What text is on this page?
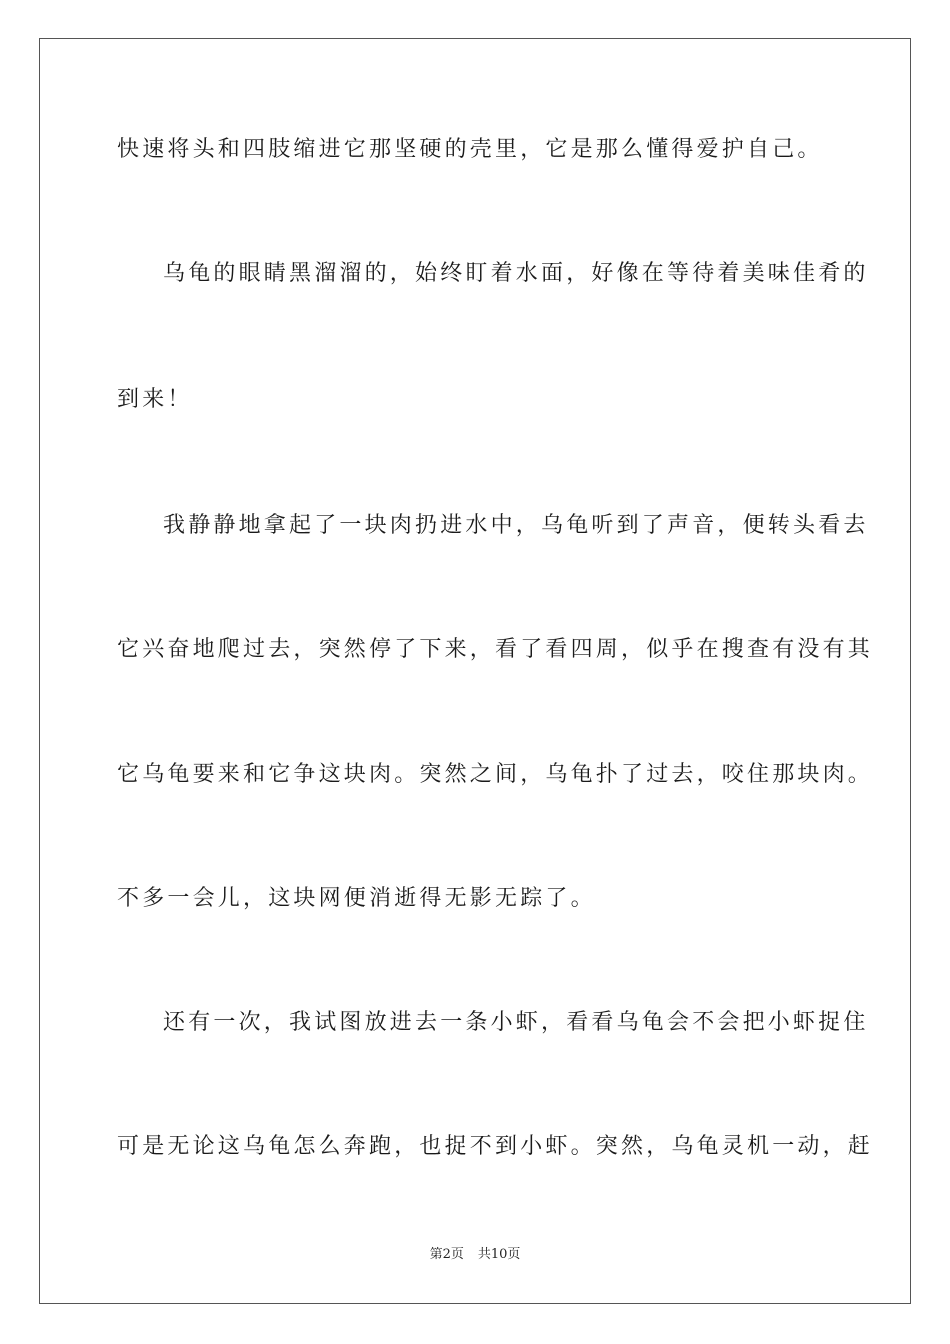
快速将头和四肢缩进它那坚硬的壳里，它是那么懂得爱护自己。
乌龟的眼睛黑溜溜的，始终盯着水面，好像在等待着美味佳肴的
到来！
我静静地拿起了一块肉扔进水中，乌龟听到了声音，便转头看去
它兴奋地爬过去，突然停了下来，看了看四周，似乎在搜查有没有其
它乌龟要来和它争这块肉。突然之间，乌龟扑了过去，咬住那块肉。
不多一会儿，这块网便消逝得无影无踪了。
还有一次，我试图放进去一条小虾，看看乌龟会不会把小虾捉住
可是无论这乌龟怎么奔跑，也捉不到小虾。突然，乌龟灵机一动，赶
第2页 共10页
